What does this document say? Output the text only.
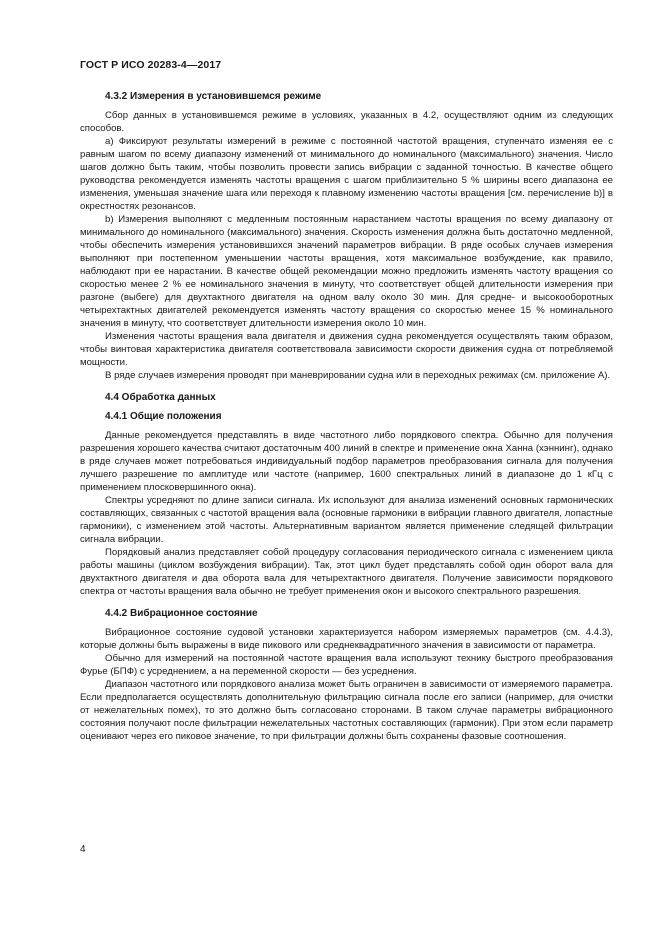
ГОСТ Р ИСО 20283-4—2017
4.3.2 Измерения в установившемся режиме

Сбор данных в установившемся режиме в условиях, указанных в 4.2, осуществляют одним из следующих способов.

a) Фиксируют результаты измерений в режиме с постоянной частотой вращения, ступенчато изменяя ее с равным шагом по всему диапазону изменений от минимального до номинального (максимального) значения. Число шагов должно быть таким, чтобы позволить провести запись вибрации с заданной точностью. В качестве общего руководства рекомендуется изменять частоты вращения с шагом приблизительно 5 % ширины всего диапазона ее изменения, уменьшая значение шага или переходя к плавному изменению частоты вращения [см. перечисление b)] в окрестностях резонансов.

b) Измерения выполняют с медленным постоянным нарастанием частоты вращения по всему диапазону от минимального до номинального (максимального) значения. Скорость изменения должна быть достаточно медленной, чтобы обеспечить измерения установившихся значений параметров вибрации. В ряде особых случаев измерения выполняют при постепенном уменьшении частоты вращения, хотя максимальное возбуждение, как правило, наблюдают при ее нарастании. В качестве общей рекомендации можно предложить изменять частоту вращения со скоростью менее 2 % ее номинального значения в минуту, что соответствует общей длительности измерения при разгоне (выбеге) для двухтактного двигателя на одном валу около 30 мин. Для средне- и высокооборотных четырехтактных двигателей рекомендуется изменять частоту вращения со скоростью менее 15 % номинального значения в минуту, что соответствует длительности измерения около 10 мин.

Изменения частоты вращения вала двигателя и движения судна рекомендуется осуществлять таким образом, чтобы винтовая характеристика двигателя соответствовала зависимости скорости движения судна от потребляемой мощности.

В ряде случаев измерения проводят при маневрировании судна или в переходных режимах (см. приложение А).

4.4 Обработка данных
4.4.1 Общие положения

Данные рекомендуется представлять в виде частотного либо порядкового спектра. Обычно для получения разрешения хорошего качества считают достаточным 400 линий в спектре и применение окна Ханна (хэннинг), однако в ряде случаев может потребоваться индивидуальный подбор параметров преобразования сигнала для получения лучшего разрешение по амплитуде или частоте (например, 1600 спектральных линий в диапазоне до 1 кГц с применением плосковершинного окна).

Спектры усредняют по длине записи сигнала. Их используют для анализа изменений основных гармонических составляющих, связанных с частотой вращения вала (основные гармоники в вибрации главного двигателя, лопастные гармоники), с изменением этой частоты. Альтернативным вариантом является применение следящей фильтрации сигнала вибрации.

Порядковый анализ представляет собой процедуру согласования периодического сигнала с изменением цикла работы машины (циклом возбуждения вибрации). Так, этот цикл будет представлять собой один оборот вала для двухтактного двигателя и два оборота вала для четырехтактного двигателя. Получение зависимости порядкового спектра от частоты вращения вала обычно не требует применения окон и высокого спектрального разрешения.

4.4.2 Вибрационное состояние

Вибрационное состояние судовой установки характеризуется набором измеряемых параметров (см. 4.4.3), которые должны быть выражены в виде пикового или среднеквадратичного значения в зависимости от параметра.

Обычно для измерений на постоянной частоте вращения вала используют технику быстрого преобразования Фурье (БПФ) с усреднением, а на переменной скорости — без усреднения.

Диапазон частотного или порядкового анализа может быть ограничен в зависимости от измеряемого параметра. Если предполагается осуществлять дополнительную фильтрацию сигнала после его записи (например, для очистки от нежелательных помех), то это должно быть согласовано сторонами. В таком случае параметры вибрационного состояния получают после фильтрации нежелательных частотных составляющих (гармоник). При этом если параметр оценивают через его пиковое значение, то при фильтрации должны быть сохранены фазовые соотношения.

4
